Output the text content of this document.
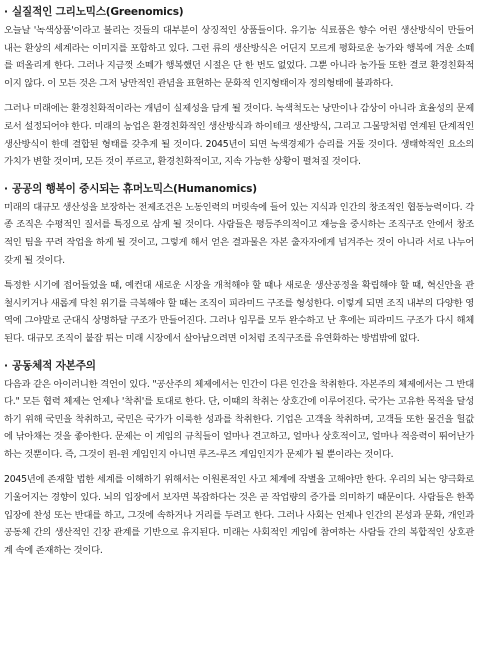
· 실질적인 그리노믹스(Greenomics)

오늘날 '녹색상품'이라고 불리는 것들의 대부분이 상징적인 상품들이다. 유기농 식료품은 향수 어린 생산방식이 만들어내는 환상의 세계라는 이미지를 포함하고 있다. 그런 류의 생산방식은 어딘지 모르게 평화로운 농가와 행복에 겨운 소떼를 떠올리게 한다. 그러나 지금껏 소떼가 행복했던 시절은 단 한 번도 없었다. 그뿐 아니라 농가들 또한 결코 환경친화적이지 않다. 이 모든 것은 그저 낭만적인 관념을 표현하는 문화적 인지형태이자 정의형태에 불과하다.

그러나 미래에는 환경친화적이라는 개념이 실제성을 담게 될 것이다. 녹색척도는 낭만이나 감상이 아니라 효율성의 문제로서 설정되어야 한다. 미래의 농업은 환경친화적인 생산방식과 하이테크 생산방식, 그리고 그물망처럼 연계된 단계적인 생산방식이 한데 결합된 형태를 갖추게 될 것이다. 2045년이 되면 녹색경제가 승리를 거둘 것이다. 생태학적인 요소의 가치가 변할 것이며, 모든 것이 푸르고, 환경친화적이고, 지속 가능한 상황이 펼쳐질 것이다.

· 공공의 행복이 중시되는 휴머노믹스(Humanomics)

미래의 대규모 생산성을 보장하는 전제조건은 노동인력의 머릿속에 들어 있는 지식과 인간의 창조적인 협동능력이다. 각종 조직은 수평적인 질서를 특징으로 삼게 될 것이다. 사람들은 평등주의적이고 재능을 중시하는 조직구조 안에서 창조적인 팀을 꾸려 작업을 하게 될 것이고, 그렇게 해서 얻은 결과물은 자본 출자자에게 넘겨주는 것이 아니라 서로 나누어 갖게 될 것이다.

특정한 시기에 접어들었을 때, 예컨대 새로운 시장을 개척해야 할 때나 새로운 생산공정을 확립해야 할 때, 혁신안을 관철시키거나 새롭게 닥친 위기를 극복해야 할 때는 조직이 피라미드 구조를 형성한다. 이렇게 되면 조직 내부의 다양한 영역에 그야말로 군대식 상명하달 구조가 만들어진다. 그러나 임무를 모두 완수하고 난 후에는 피라미드 구조가 다시 해체된다. 대규모 조직이 붙잡 튀는 미래 시장에서 살아남으려면 이처럼 조직구조를 유연화하는 방법밖에 없다.

· 공동체적 자본주의

다음과 같은 아이러니한 격언이 있다. "공산주의 체제에서는 인간이 다른 인간을 착취한다. 자본주의 체제에서는 그 반대다." 모든 협력 체제는 언제나 '착취'를 토대로 한다. 단, 이때의 착취는 상호간에 이루어진다. 국가는 고유한 목적을 달성하기 위해 국민을 착취하고, 국민은 국가가 이룩한 성과를 착취한다. 기업은 고객을 착취하며, 고객들 또한 물건을 헐값에 낚아채는 것을 좋아한다. 문제는 이 게임의 규칙들이 얼마나 견고하고, 얼마나 상호적이고, 얼마나 적응력이 뛰어난가 하는 것뿐이다. 즉, 그것이 윈-윈 게임인지 아니면 루즈-루즈 게임인지가 문제가 될 뿐이라는 것이다.

2045년에 존재할 법한 세계를 이해하기 위해서는 이원론적인 사고 체계에 작별을 고해야만 한다. 우리의 뇌는 양극화로 기울어지는 경향이 있다. 뇌의 입장에서 보자면 복잡하다는 것은 곧 작업량의 증가를 의미하기 때문이다. 사람들은 한쪽 입장에 찬성 또는 반대를 하고, 그것에 속하거나 거리를 두려고 한다. 그러나 사회는 언제나 인간의 본성과 문화, 개인과 공동체 간의 생산적인 긴장 관계를 기반으로 유지된다. 미래는 사회적인 게임에 참여하는 사람들 간의 복합적인 상호관계 속에 존재하는 것이다.
